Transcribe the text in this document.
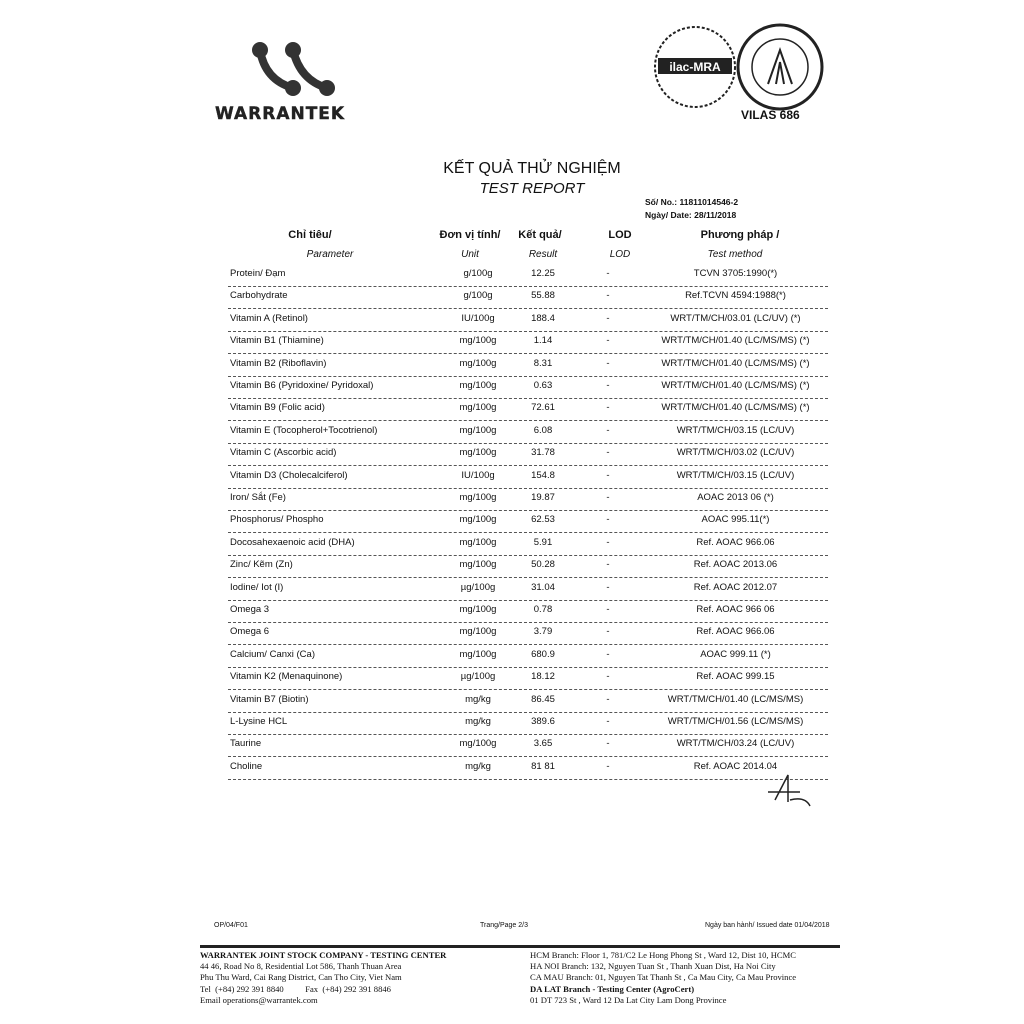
WARRANTEK
ilac-MRA
VILAS 686
KẾT QUẢ THỬ NGHIỆM
TEST REPORT
Số/ No.: 11811014546-2
Ngày/ Date: 28/11/2018
Chỉ tiêu/	Đơn vị tính/	Kết quả/	LOD	Phương pháp /
Parameter	Unit	Result	LOD	Test method
Protein/ Đạm	g/100g	12.25	-	TCVN 3705:1990(*)
Carbohydrate	g/100g	55.88	-	Ref.TCVN 4594:1988(*)
Vitamin A (Retinol)	IU/100g	188.4	-	WRT/TM/CH/03.01 (LC/UV) (*)
Vitamin B1 (Thiamine)	mg/100g	1.14	-	WRT/TM/CH/01.40 (LC/MS/MS) (*)
Vitamin B2 (Riboflavin)	mg/100g	8.31	-	WRT/TM/CH/01.40 (LC/MS/MS) (*)
Vitamin B6 (Pyridoxine/ Pyridoxal)	mg/100g	0.63	-	WRT/TM/CH/01.40 (LC/MS/MS) (*)
Vitamin B9 (Folic acid)	mg/100g	72.61	-	WRT/TM/CH/01.40 (LC/MS/MS) (*)
Vitamin E (Tocopherol+Tocotrienol)	mg/100g	6.08	-	WRT/TM/CH/03.15 (LC/UV)
Vitamin C (Ascorbic acid)	mg/100g	31.78	-	WRT/TM/CH/03.02 (LC/UV)
Vitamin D3 (Cholecalciferol)	IU/100g	154.8	-	WRT/TM/CH/03.15 (LC/UV)
Iron/ Sắt (Fe)	mg/100g	19.87	-	AOAC 2013 06 (*)
Phosphorus/ Phospho	mg/100g	62.53	-	AOAC 995.11(*)
Docosahexaenoic acid (DHA)	mg/100g	5.91	-	Ref. AOAC 966.06
Zinc/ Kẽm (Zn)	mg/100g	50.28	-	Ref. AOAC 2013.06
Iodine/ Iot (I)	µg/100g	31.04	-	Ref. AOAC 2012.07
Omega 3	mg/100g	0.78	-	Ref. AOAC 966 06
Omega 6	mg/100g	3.79	-	Ref. AOAC 966.06
Calcium/ Canxi (Ca)	mg/100g	680.9	-	AOAC 999.11 (*)
Vitamin K2 (Menaquinone)	µg/100g	18.12	-	Ref. AOAC 999.15
Vitamin B7 (Biotin)	mg/kg	86.45	-	WRT/TM/CH/01.40 (LC/MS/MS)
L-Lysine HCL	mg/kg	389.6	-	WRT/TM/CH/01.56 (LC/MS/MS)
Taurine	mg/100g	3.65	-	WRT/TM/CH/03.24 (LC/UV)
Choline	mg/kg	81 81	-	Ref. AOAC 2014.04
OP/04/F01	Trang/Page 2/3	Ngày ban hành/ Issued date 01/04/2018
WARRANTEK JOINT STOCK COMPANY - TESTING CENTER
44 46, Road No 8, Residential Lot 586, Thanh Thuan Area
Phu Thu Ward, Cai Rang District, Can Tho City, Viet Nam
Tel  (+84) 292 391 8840          Fax  (+84) 292 391 8846
Email operations@warrantek.com
HCM Branch: Floor 1, 781/C2 Le Hong Phong St , Ward 12, Dist 10, HCMC
HA NOI Branch: 132, Nguyen Tuan St , Thanh Xuan Dist, Ha Noi City
CA MAU Branch: 01, Nguyen Tat Thanh St , Ca Mau City, Ca Mau Province
DA LAT Branch - Testing Center (AgroCert)
01 DT 723 St , Ward 12 Da Lat City Lam Dong Province
